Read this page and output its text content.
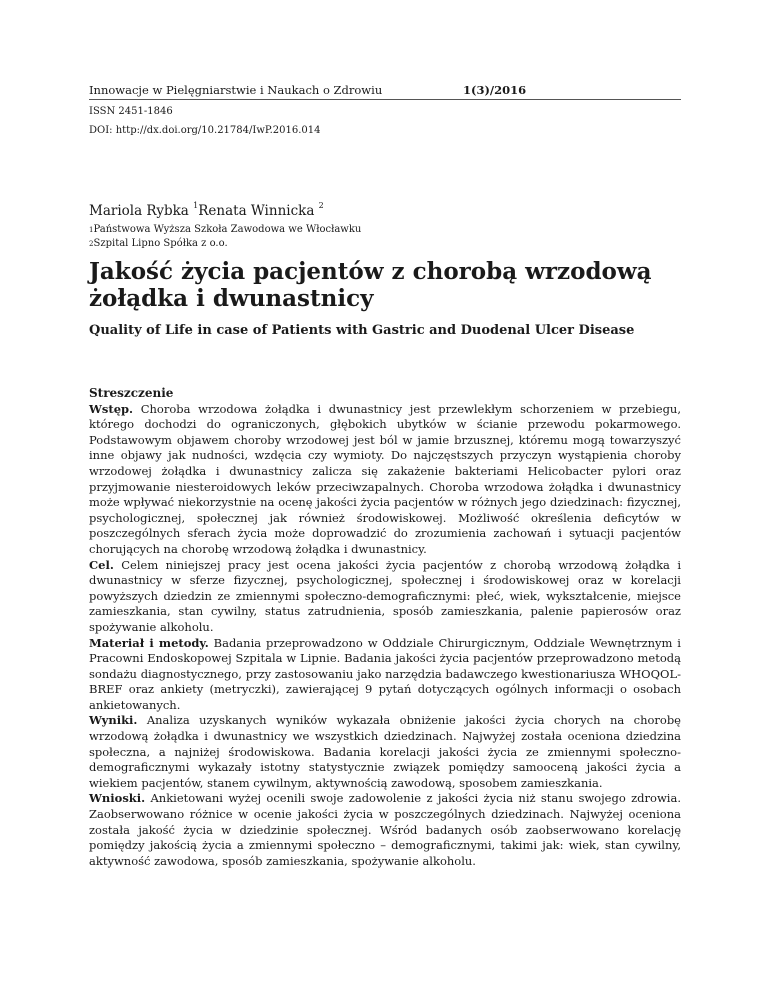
Innowacje w Pielęgniarstwie i Naukach o Zdrowiu	1(3)/2016
ISSN 2451-1846
DOI: http://dx.doi.org/10.21784/IwP.2016.014
Mariola Rybka $^1$Renata Winnicka $^2$
$^1$Państwowa Wyższa Szkoła Zawodowa we Włocławku
$^2$Szpital Lipno Spółka z o.o.
Jakość życia pacjentów z chorobą wrzodową żołądka i dwunastnicy
Quality of Life in case of Patients with Gastric and Duodenal Ulcer Disease
Streszczenie

Wstęp. Choroba wrzodowa żołądka i dwunastnicy jest przewlekłym schorzeniem w przebiegu, którego dochodzi do ograniczonych, głębokich ubytków w ścianie przewodu pokarmowego. Podstawowym objawem choroby wrzodowej jest ból w jamie brzusznej, któremu mogą towarzyszyć inne objawy jak nudności, wzdęcia czy wymioty. Do najczęstszych przyczyn wystąpienia choroby wrzodowej żołądka i dwunastnicy zalicza się zakażenie bakteriami Helicobacter pylori oraz przyjmowanie niesteroidowych leków przeciwzapalnych. Choroba wrzodowa żołądka i dwunastnicy może wpływać niekorzystnie na ocenę jakości życia pacjentów w różnych jego dziedzinach: fizycznej, psychologicznej, społecznej jak również środowiskowej. Możliwość określenia deficytów w poszczególnych sferach życia może doprowadzić do zrozumienia zachowań i sytuacji pacjentów chorujących na chorobę wrzodową żołądka i dwunastnicy.

Cel. Celem niniejszej pracy jest ocena jakości życia pacjentów z chorobą wrzodową żołądka i dwunastnicy w sferze fizycznej, psychologicznej, społecznej i środowiskowej oraz w korelacji powyższych dziedzin ze zmiennymi społeczno-demograficznymi: płeć, wiek, wykształcenie, miejsce zamieszkania, stan cywilny, status zatrudnienia, sposób zamieszkania, palenie papierosów oraz spożywanie alkoholu.

Materiał i metody. Badania przeprowadzono w Oddziale Chirurgicznym, Oddziale Wewnętrznym i Pracowni Endoskopowej Szpitala w Lipnie. Badania jakości życia pacjentów przeprowadzono metodą sondażu diagnostycznego, przy zastosowaniu jako narzędzia badawczego kwestionariusza WHOQOL-BREF oraz ankiety (metryczki), zawierającej 9 pytań dotyczących ogólnych informacji o osobach ankietowanych.

Wyniki. Analiza uzyskanych wyników wykazała obniżenie jakości życia chorych na chorobę wrzodową żołądka i dwunastnicy we wszystkich dziedzinach. Najwyżej została oceniona dziedzina społeczna, a najniżej środowiskowa. Badania korelacji jakości życia ze zmiennymi społeczno-demograficznymi wykazały istotny statystycznie związek pomiędzy samooceną jakości życia a wiekiem pacjentów, stanem cywilnym, aktywnością zawodową, sposobem zamieszkania.

Wnioski. Ankietowani wyżej ocenili swoje zadowolenie z jakości życia niż stanu swojego zdrowia. Zaobserwowano różnice w ocenie jakości życia w poszczególnych dziedzinach. Najwyżej oceniona została jakość życia w dziedzinie społecznej. Wśród badanych osób zaobserwowano korelację pomiędzy jakością życia a zmiennymi społeczno – demograficznymi, takimi jak: wiek, stan cywilny, aktywność zawodowa, sposób zamieszkania, spożywanie alkoholu.
